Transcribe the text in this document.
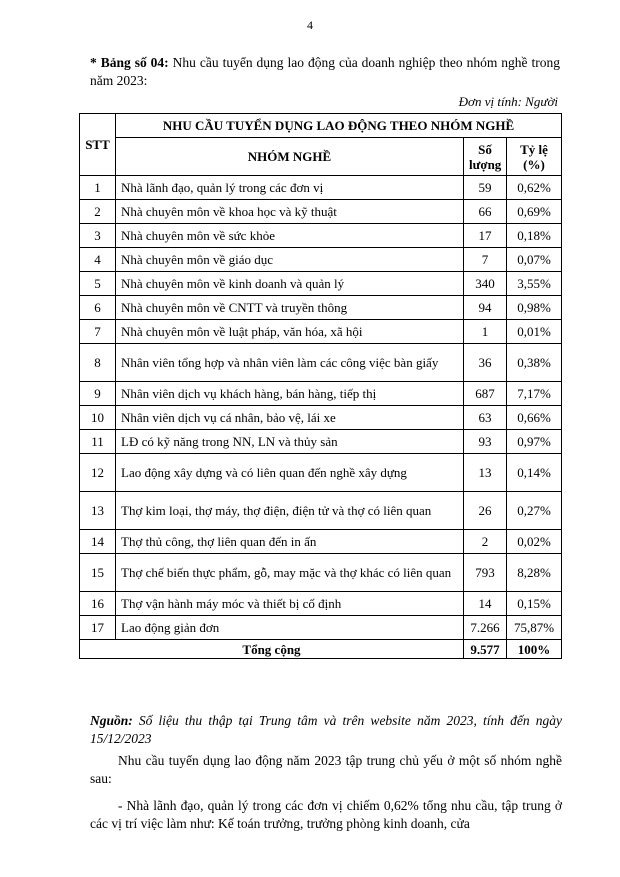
4
* Bảng số 04: Nhu cầu tuyển dụng lao động của doanh nghiệp theo nhóm nghề trong năm 2023:
Đơn vị tính: Người
STT	NHU CẦU TUYỂN DỤNG LAO ĐỘNG THEO NHÓM NGHỀ		
	NHÓM NGHỀ	Số lượng	Tỷ lệ (%)
1	Nhà lãnh đạo, quản lý trong các đơn vị	59	0,62%
2	Nhà chuyên môn về khoa học và kỹ thuật	66	0,69%
3	Nhà chuyên môn về sức khỏe	17	0,18%
4	Nhà chuyên môn về giáo dục	7	0,07%
5	Nhà chuyên môn về kinh doanh và quản lý	340	3,55%
6	Nhà chuyên môn về CNTT và truyền thông	94	0,98%
7	Nhà chuyên môn về luật pháp, văn hóa, xã hội	1	0,01%
8	Nhân viên tổng hợp và nhân viên làm các công việc bàn giấy	36	0,38%
9	Nhân viên dịch vụ khách hàng, bán hàng, tiếp thị	687	7,17%
10	Nhân viên dịch vụ cá nhân, bảo vệ, lái xe	63	0,66%
11	LĐ có kỹ năng trong NN, LN và thủy sản	93	0,97%
12	Lao động xây dựng và có liên quan đến nghề xây dựng	13	0,14%
13	Thợ kim loại, thợ máy, thợ điện, điện tử và thợ có liên quan	26	0,27%
14	Thợ thủ công, thợ liên quan đến in ấn	2	0,02%
15	Thợ chế biến thực phẩm, gỗ, may mặc và thợ khác có liên quan	793	8,28%
16	Thợ vận hành máy móc và thiết bị cố định	14	0,15%
17	Lao động giản đơn	7.266	75,87%
Tổng cộng		9.577	100%
Nguồn: Số liệu thu thập tại Trung tâm và trên website năm 2023, tính đến ngày 15/12/2023
Nhu cầu tuyển dụng lao động năm 2023 tập trung chủ yếu ở một số nhóm nghề sau:
- Nhà lãnh đạo, quản lý trong các đơn vị chiếm 0,62% tổng nhu cầu, tập trung ở các vị trí việc làm như: Kế toán trưởng, trưởng phòng kinh doanh, cửa
